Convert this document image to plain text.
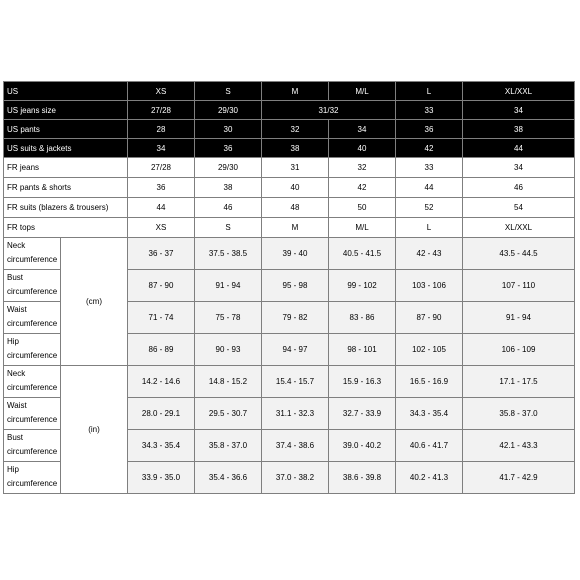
US		XS	S	M	M/L	L	XL/XXL
US jeans size		27/28	29/30	31/32		33	34
US pants		28	30	32	34	36	38
US suits & jackets		34	36	38	40	42	44
FR jeans		27/28	29/30	31	32	33	34
FR pants & shorts		36	38	40	42	44	46
FR suits (blazers & trousers)		44	46	48	50	52	54
FR tops		XS	S	M	M/L	L	XL/XXL
Neck circumference	(cm)	36 - 37	37.5 - 38.5	39 - 40	40.5 - 41.5	42 - 43	43.5 - 44.5
Bust circumference		87 - 90	91 - 94	95 - 98	99 - 102	103 - 106	107 - 110
Waist circumference		71 - 74	75 - 78	79 - 82	83 - 86	87 - 90	91 - 94
Hip circumference		86 - 89	90 - 93	94 - 97	98 - 101	102 - 105	106 - 109
Neck circumference	(in)	14.2 - 14.6	14.8 - 15.2	15.4 - 15.7	15.9 - 16.3	16.5 - 16.9	17.1 - 17.5
Waist circumference		28.0 - 29.1	29.5 - 30.7	31.1 - 32.3	32.7 - 33.9	34.3 - 35.4	35.8 - 37.0
Bust circumference		34.3 - 35.4	35.8 - 37.0	37.4 - 38.6	39.0 - 40.2	40.6 - 41.7	42.1 - 43.3
Hip circumference		33.9 - 35.0	35.4 - 36.6	37.0 - 38.2	38.6 - 39.8	40.2 - 41.3	41.7 - 42.9
